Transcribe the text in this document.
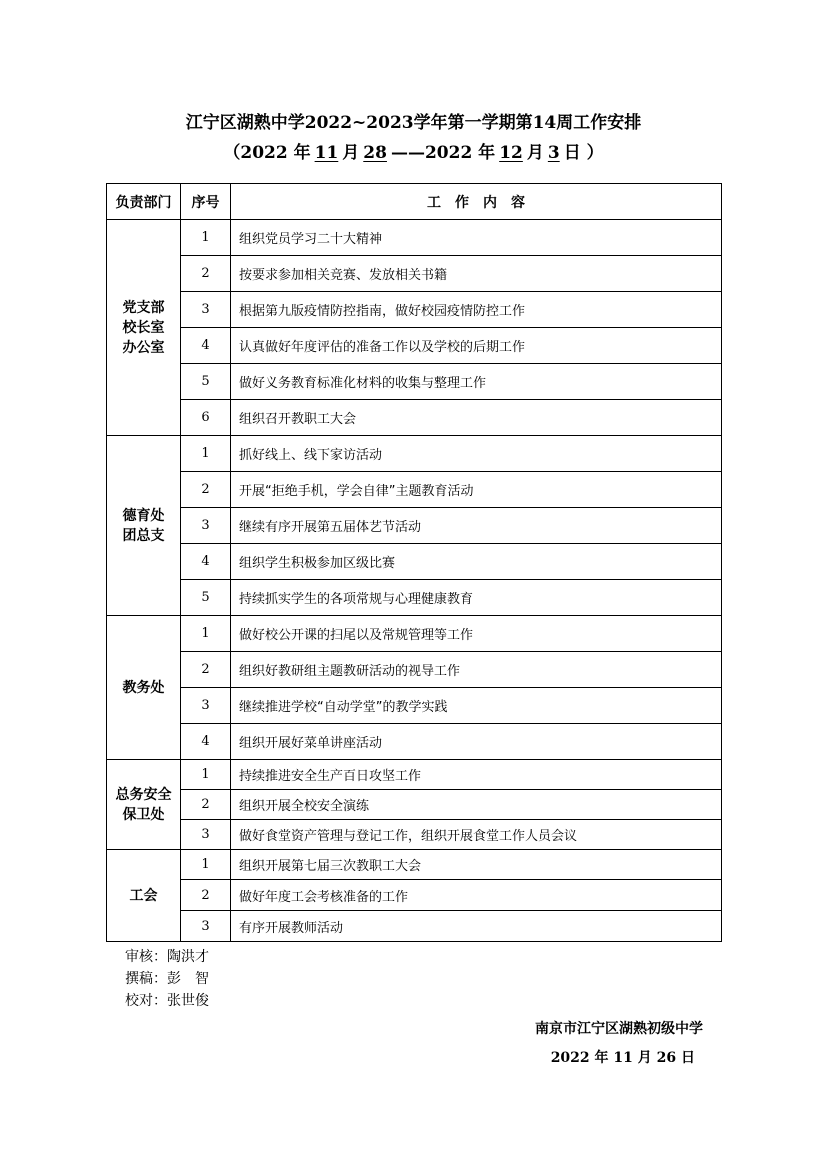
江宁区湖熟中学2022~2023学年第一学期第14周工作安排
（2022 年 11 月 28 ——2022 年 12 月 3 日 ）
负责部门	序号	工　作　内　容

党支部
校长室
办公室	1	组织党员学习二十大精神
	2	按要求参加相关竞赛、发放相关书籍
	3	根据第九版疫情防控指南，做好校园疫情防控工作
	4	认真做好年度评估的准备工作以及学校的后期工作
	5	做好义务教育标准化材料的收集与整理工作
	6	组织召开教职工大会

德育处
团总支	1	抓好线上、线下家访活动
	2	开展“拒绝手机，学会自律”主题教育活动
	3	继续有序开展第五届体艺节活动
	4	组织学生积极参加区级比赛
	5	持续抓实学生的各项常规与心理健康教育

教务处	1	做好校公开课的扫尾以及常规管理等工作
	2	组织好教研组主题教研活动的视导工作
	3	继续推进学校“自动学堂”的教学实践
	4	组织开展好菜单讲座活动

总务安全
保卫处	1	持续推进安全生产百日攻坚工作
	2	组织开展全校安全演练
	3	做好食堂资产管理与登记工作，组织开展食堂工作人员会议

工会	1	组织开展第七届三次教职工大会
	2	做好年度工会考核准备的工作
	3	有序开展教师活动
审核：陶洪才
撰稿：彭　智
校对：张世俊
南京市江宁区湖熟初级中学
2022 年 11 月 26 日
